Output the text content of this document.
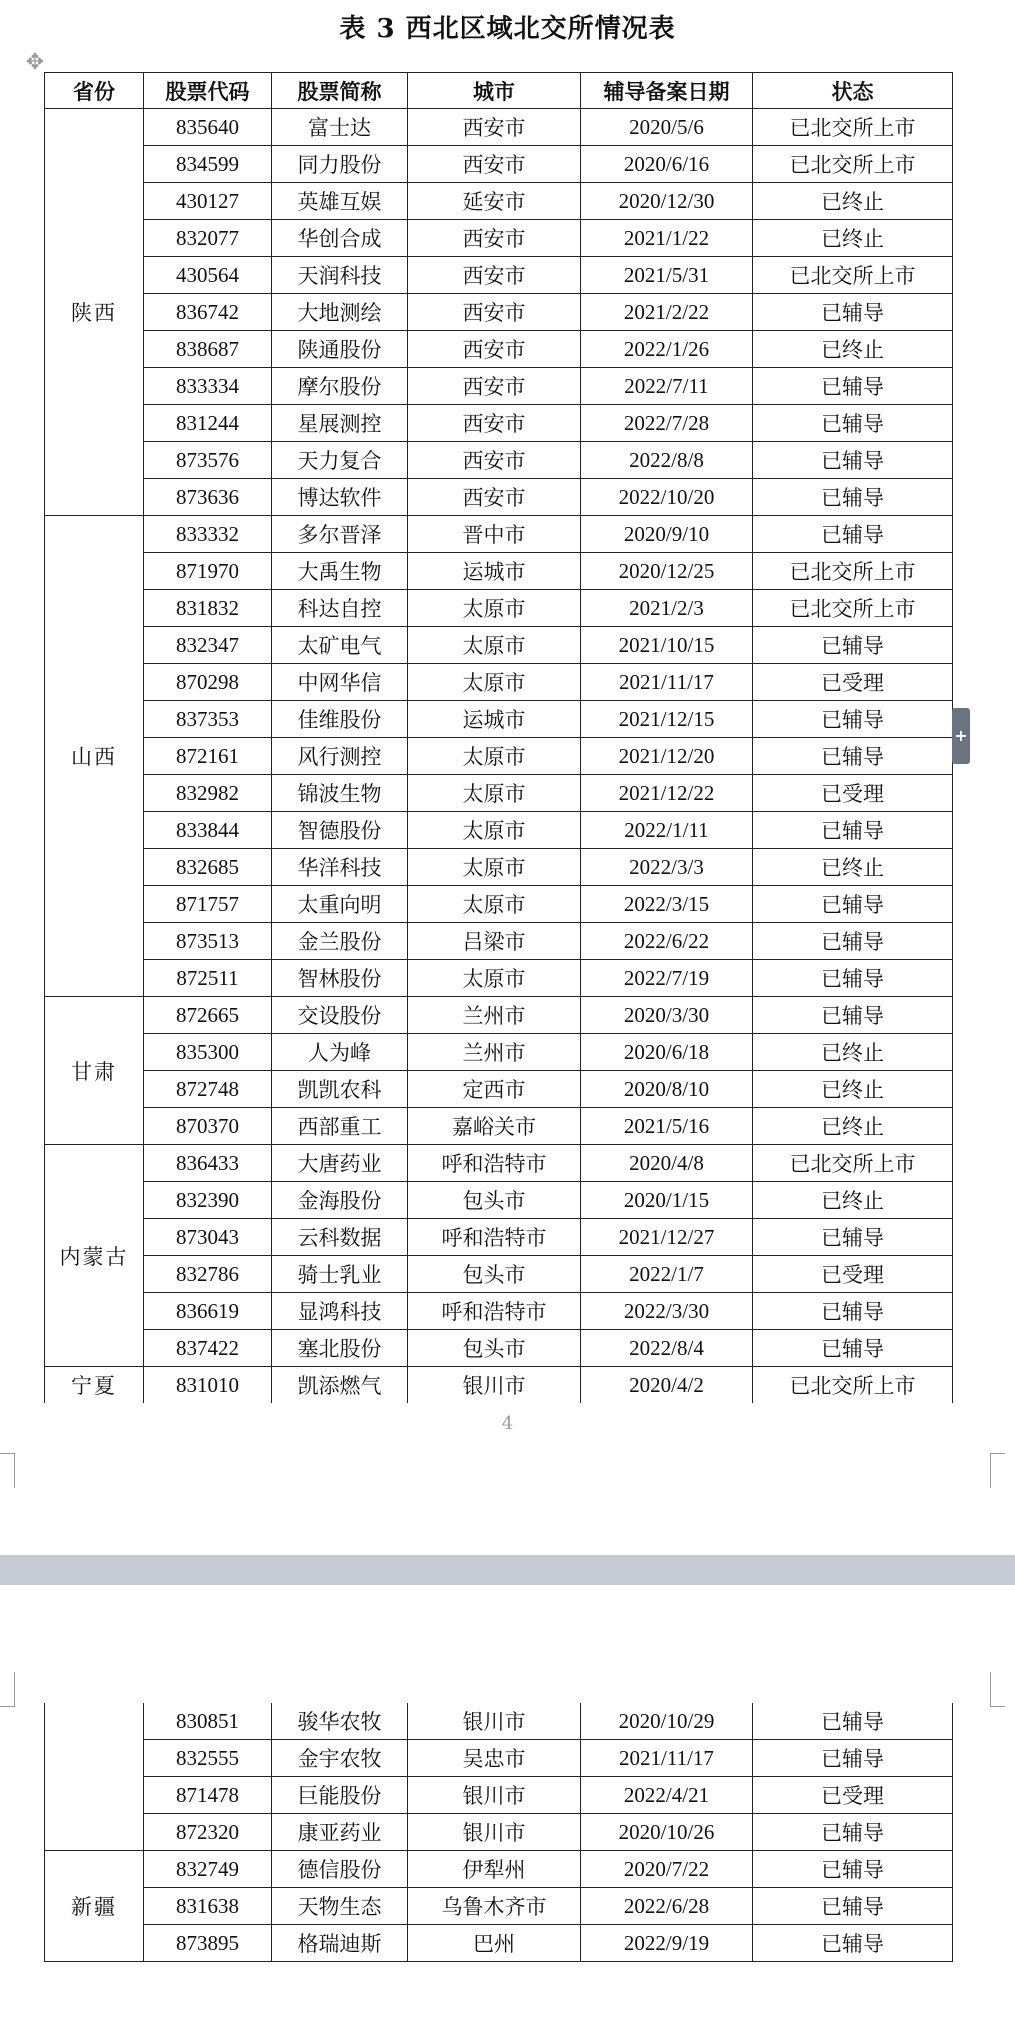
表 3 西北区域北交所情况表
✥
省份	股票代码	股票简称	城市	辅导备案日期	状态
陕西	835640	富士达	西安市	2020/5/6	已北交所上市
	834599	同力股份	西安市	2020/6/16	已北交所上市
	430127	英雄互娱	延安市	2020/12/30	已终止
	832077	华创合成	西安市	2021/1/22	已终止
	430564	天润科技	西安市	2021/5/31	已北交所上市
	836742	大地测绘	西安市	2021/2/22	已辅导
	838687	陕通股份	西安市	2022/1/26	已终止
	833334	摩尔股份	西安市	2022/7/11	已辅导
	831244	星展测控	西安市	2022/7/28	已辅导
	873576	天力复合	西安市	2022/8/8	已辅导
	873636	博达软件	西安市	2022/10/20	已辅导
山西	833332	多尔晋泽	晋中市	2020/9/10	已辅导
	871970	大禹生物	运城市	2020/12/25	已北交所上市
	831832	科达自控	太原市	2021/2/3	已北交所上市
	832347	太矿电气	太原市	2021/10/15	已辅导
	870298	中网华信	太原市	2021/11/17	已受理
	837353	佳维股份	运城市	2021/12/15	已辅导
	872161	风行测控	太原市	2021/12/20	已辅导
	832982	锦波生物	太原市	2021/12/22	已受理
	833844	智德股份	太原市	2022/1/11	已辅导
	832685	华洋科技	太原市	2022/3/3	已终止
	871757	太重向明	太原市	2022/3/15	已辅导
	873513	金兰股份	吕梁市	2022/6/22	已辅导
	872511	智林股份	太原市	2022/7/19	已辅导
甘肃	872665	交设股份	兰州市	2020/3/30	已辅导
	835300	人为峰	兰州市	2020/6/18	已终止
	872748	凯凯农科	定西市	2020/8/10	已终止
	870370	西部重工	嘉峪关市	2021/5/16	已终止
内蒙古	836433	大唐药业	呼和浩特市	2020/4/8	已北交所上市
	832390	金海股份	包头市	2020/1/15	已终止
	873043	云科数据	呼和浩特市	2021/12/27	已辅导
	832786	骑士乳业	包头市	2022/1/7	已受理
	836619	显鸿科技	呼和浩特市	2022/3/30	已辅导
	837422	塞北股份	包头市	2022/8/4	已辅导
宁夏	831010	凯添燃气	银川市	2020/4/2	已北交所上市
4
	830851	骏华农牧	银川市	2020/10/29	已辅导
	832555	金宇农牧	吴忠市	2021/11/17	已辅导
	871478	巨能股份	银川市	2022/4/21	已受理
	872320	康亚药业	银川市	2020/10/26	已辅导
新疆	832749	德信股份	伊犁州	2020/7/22	已辅导
	831638	天物生态	乌鲁木齐市	2022/6/28	已辅导
	873895	格瑞迪斯	巴州	2022/9/19	已辅导
+
